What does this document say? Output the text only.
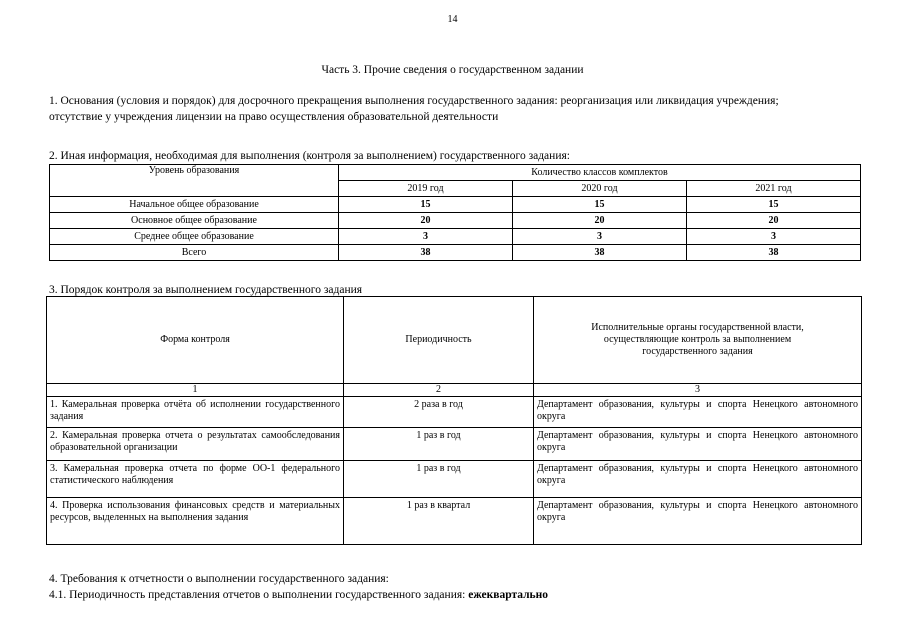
14
Часть 3. Прочие сведения о государственном задании
1. Основания (условия и порядок) для досрочного прекращения выполнения государственного задания: реорганизация или ликвидация учреждения; отсутствие у учреждения лицензии на право осуществления образовательной деятельности
2. Иная информация, необходимая для выполнения (контроля за выполнением) государственного задания:
Уровень образования	Количество классов комплектов		
	2019 год	2020 год	2021 год
Начальное общее образование	15	15	15
Основное общее образование	20	20	20
Среднее общее образование	3	3	3
Всего	38	38	38
3. Порядок контроля за выполнением государственного задания
Форма контроля	Периодичность	Исполнительные органы государственной власти, осуществляющие контроль за выполнением государственного задания

1	2	3
1. Камеральная проверка отчёта об исполнении государственного задания	2 раза в год	Департамент образования, культуры и спорта Ненецкого автономного округа
2. Камеральная проверка отчета о результатах самообследования образовательной организации	1 раз в год	Департамент образования, культуры и спорта Ненецкого автономного округа
3. Камеральная проверка отчета по форме ОО-1 федерального статистического наблюдения	1 раз в год	Департамент образования, культуры и спорта Ненецкого автономного округа
4. Проверка использования финансовых средств и материальных ресурсов, выделенных на выполнения задания	1 раз в квартал	Департамент образования, культуры и спорта Ненецкого автономного округа
4. Требования к отчетности о выполнении государственного задания:
4.1. Периодичность представления отчетов о выполнении государственного задания: ежеквартально
